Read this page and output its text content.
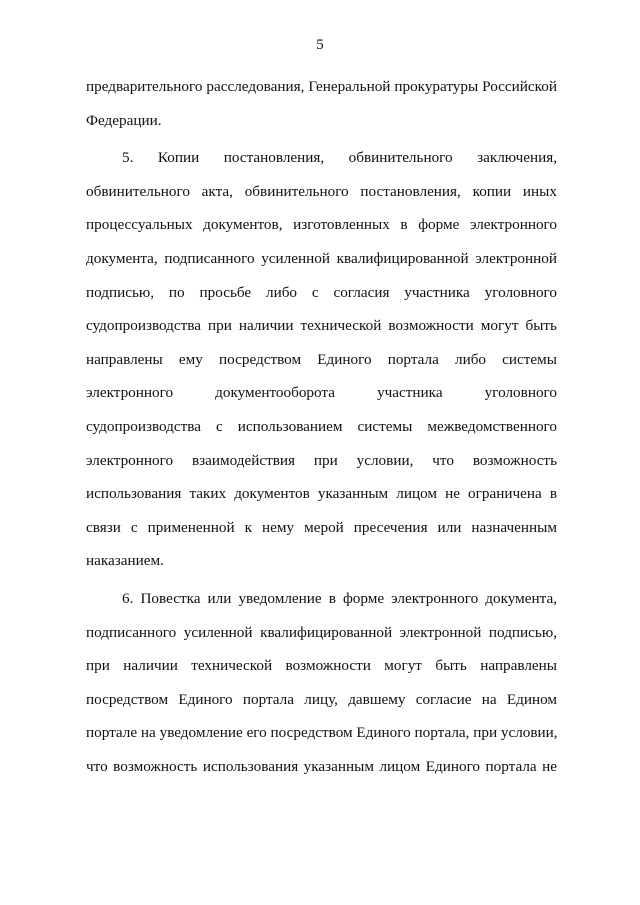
5
предварительного расследования, Генеральной прокуратуры Российской
Федерации.
5. Копии постановления, обвинительного заключения,
обвинительного акта, обвинительного постановления, копии иных
процессуальных документов, изготовленных в форме электронного
документа, подписанного усиленной квалифицированной электронной
подписью, по просьбе либо с согласия участника уголовного
судопроизводства при наличии технической возможности могут быть
направлены ему посредством Единого портала либо системы
электронного документооборота участника уголовного
судопроизводства с использованием системы межведомственного
электронного взаимодействия при условии, что возможность
использования таких документов указанным лицом не ограничена в
связи с примененной к нему мерой пресечения или назначенным
наказанием.
6. Повестка или уведомление в форме электронного документа,
подписанного усиленной квалифицированной электронной подписью,
при наличии технической возможности могут быть направлены
посредством Единого портала лицу, давшему согласие на Едином
портале на уведомление его посредством Единого портала, при условии,
что возможность использования указанным лицом Единого портала не
